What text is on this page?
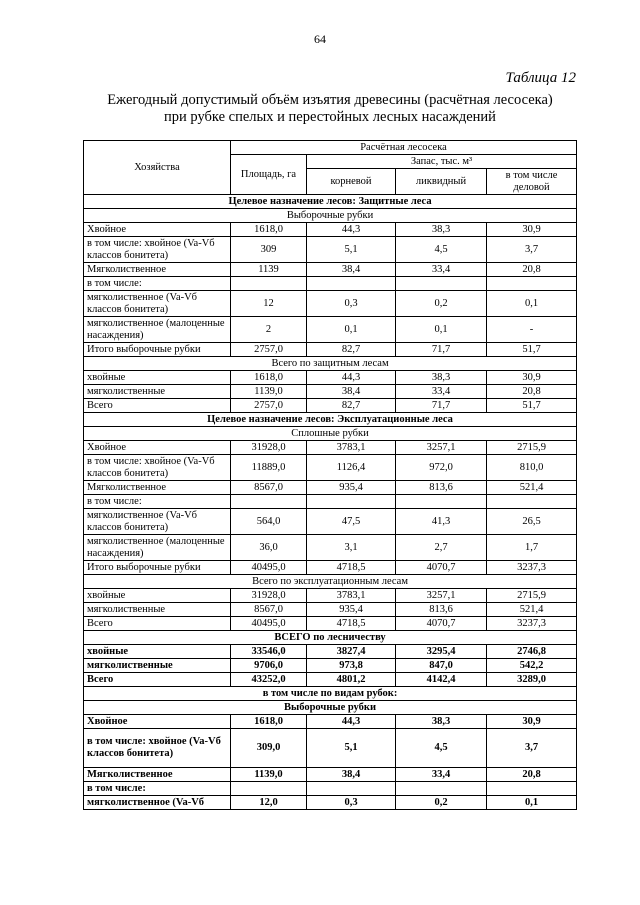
64
Таблица 12
Ежегодный допустимый объём изъятия древесины (расчётная лесосека)
при рубке спелых и перестойных лесных насаждений
Хозяйства	Расчётная лесосека			
	Площадь, га	Запас, тыс. м³		
		корневой	ликвидный	в том числе деловой
Целевое назначение лесов: Защитные леса				
Выборочные рубки				
Хвойное	1618,0	44,3	38,3	30,9
в том числе: хвойное (Va-Vб классов бонитета)	309	5,1	4,5	3,7
Мягколиственное	1139	38,4	33,4	20,8
в том числе:				
мягколиственное (Va-Vб классов бонитета)	12	0,3	0,2	0,1
мягколиственное (малоценные насаждения)	2	0,1	0,1	-
Итого выборочные рубки	2757,0	82,7	71,7	51,7
Всего по защитным лесам				
хвойные	1618,0	44,3	38,3	30,9
мягколиственные	1139,0	38,4	33,4	20,8
Всего	2757,0	82,7	71,7	51,7
Целевое назначение лесов: Эксплуатационные леса				
Сплошные рубки				
Хвойное	31928,0	3783,1	3257,1	2715,9
в том числе: хвойное (Va-Vб классов бонитета)	11889,0	1126,4	972,0	810,0
Мягколиственное	8567,0	935,4	813,6	521,4
в том числе:				
мягколиственное (Va-Vб классов бонитета)	564,0	47,5	41,3	26,5
мягколиственное (малоценные насаждения)	36,0	3,1	2,7	1,7
Итого выборочные рубки	40495,0	4718,5	4070,7	3237,3
Всего по эксплуатационным лесам				
хвойные	31928,0	3783,1	3257,1	2715,9
мягколиственные	8567,0	935,4	813,6	521,4
Всего	40495,0	4718,5	4070,7	3237,3
ВСЕГО по лесничеству				
хвойные	33546,0	3827,4	3295,4	2746,8
мягколиственные	9706,0	973,8	847,0	542,2
Всего	43252,0	4801,2	4142,4	3289,0
в том числе по видам рубок:				
Выборочные рубки				
Хвойное	1618,0	44,3	38,3	30,9
в том числе: хвойное (Va-Vб классов бонитета)	309,0	5,1	4,5	3,7
Мягколиственное	1139,0	38,4	33,4	20,8
в том числе:				
мягколиственное (Va-Vб	12,0	0,3	0,2	0,1
